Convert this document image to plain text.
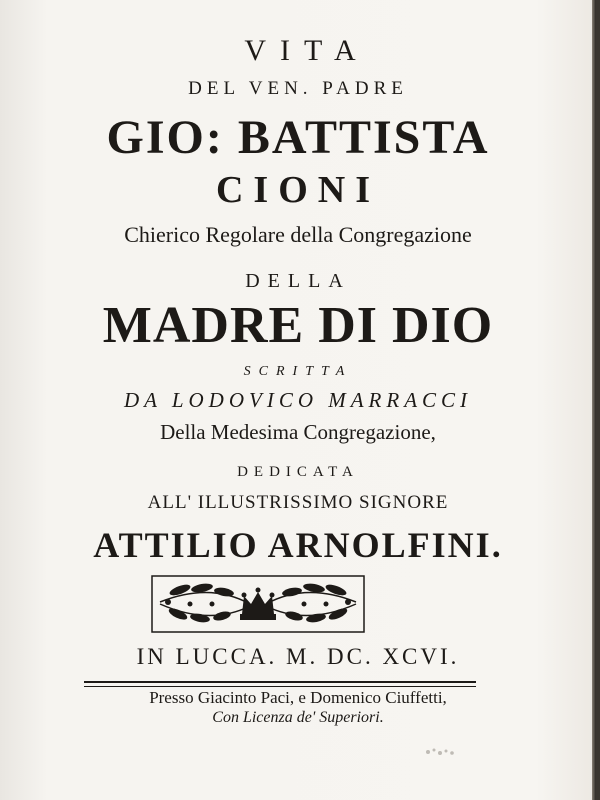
VITA
DEL VEN. PADRE
GIO: BATTISTA
CIONI
Chierico Regolare della Congregazione
DELLA
MADRE DI DIO
SCRITTA
DA LODOVICO MARRACCI
Della Medesima Congregazione,
DEDICATA
ALL' ILLUSTRISSIMO SIGNORE
ATTILIO ARNOLFINI.
IN LUCCA. M. DC. XCVI.
Presso Giacinto Paci, e Domenico Ciuffetti,
Con Licenza de' Superiori.
